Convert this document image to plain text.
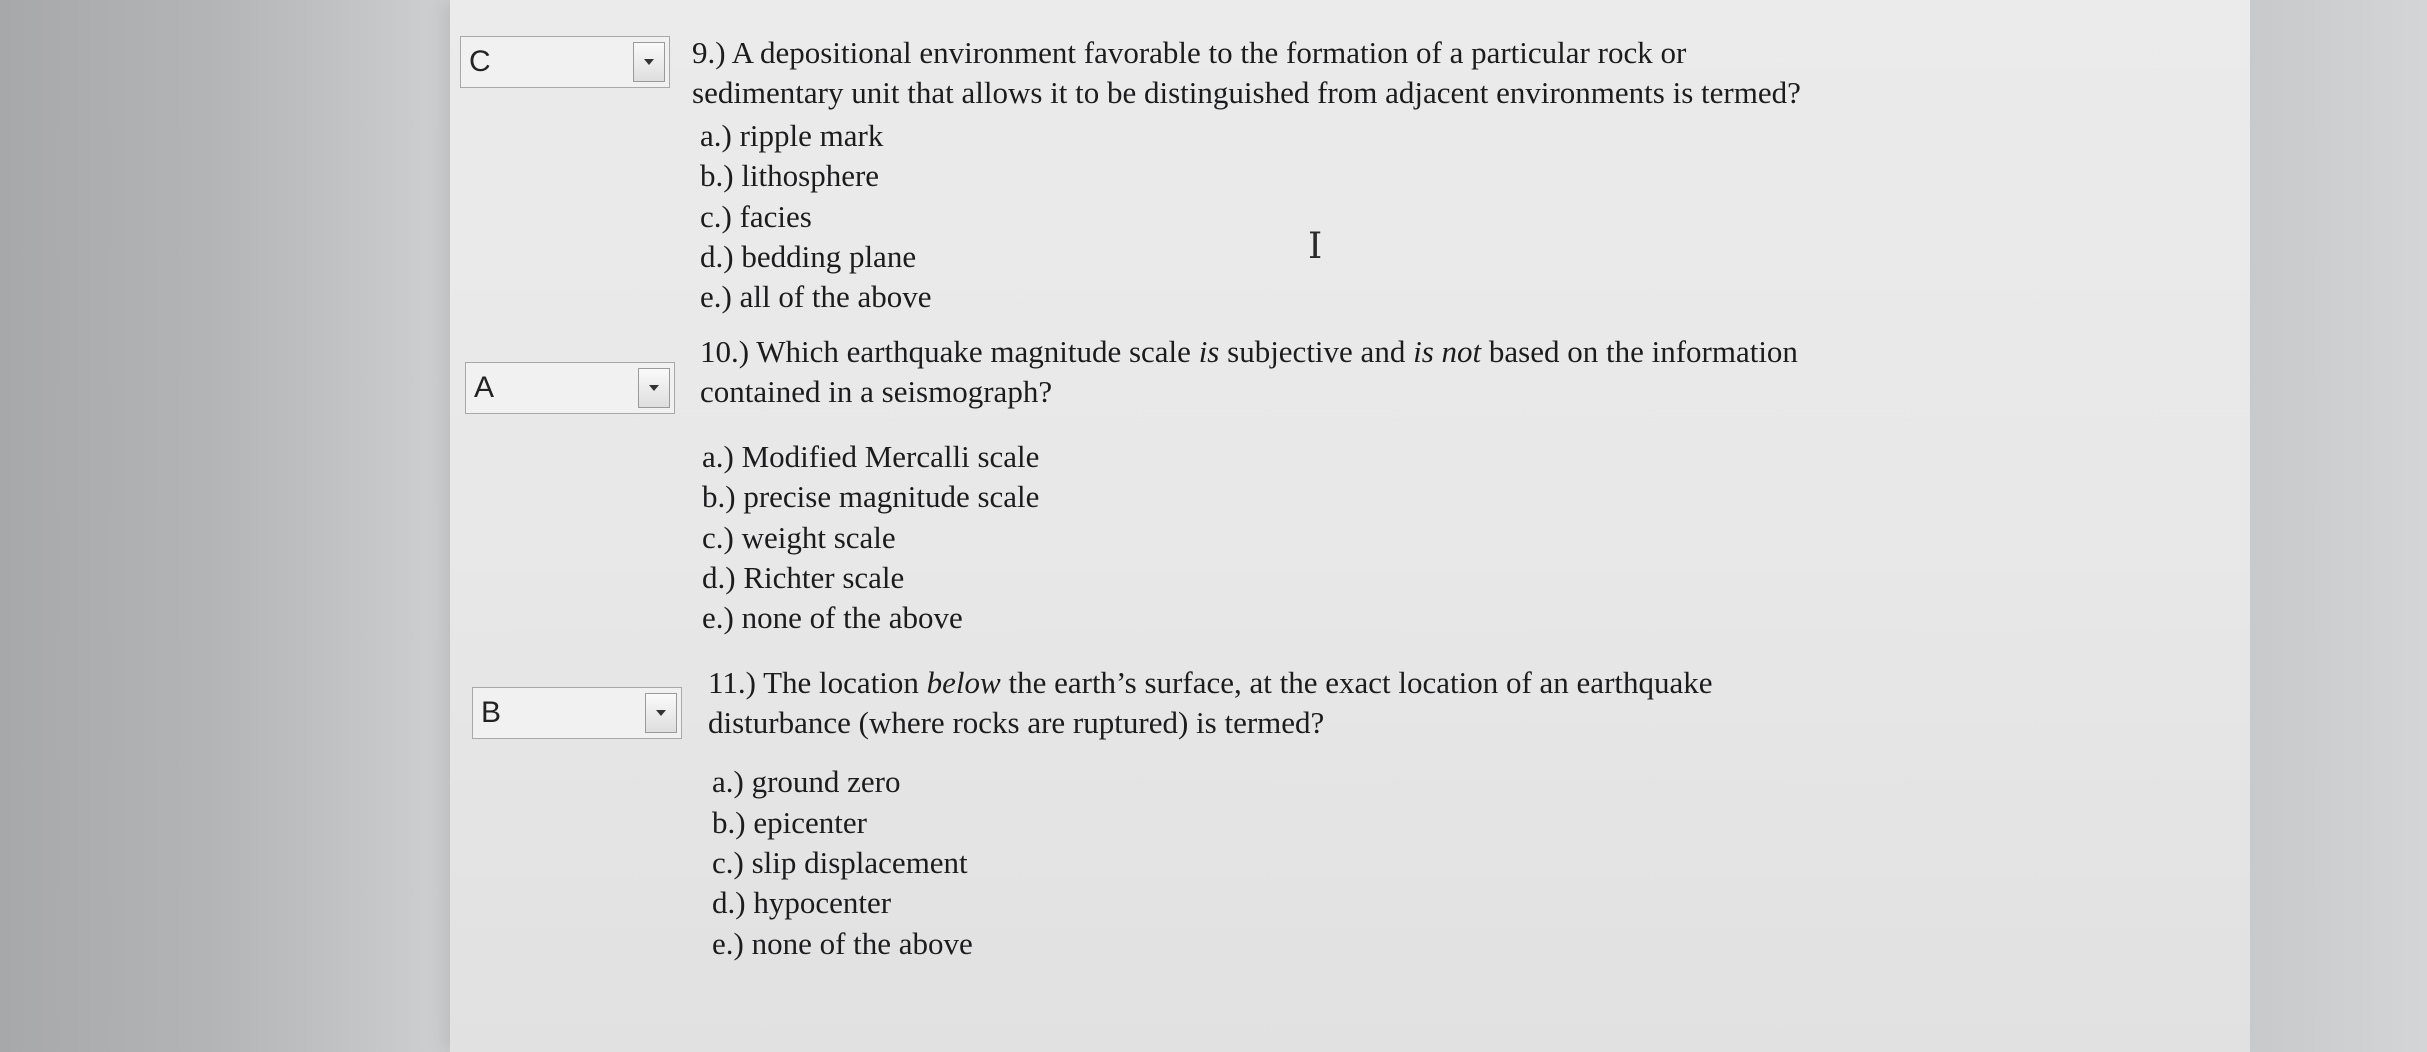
C	9.) A depositional environment favorable to the formation of a particular rock or
sedimentary unit that allows it to be distinguished from adjacent environments is termed?
a.) ripple mark
b.) lithosphere
c.) facies
d.) bedding plane
e.) all of the above
A
10.) Which earthquake magnitude scale is subjective and is not based on the information
contained in a seismograph?
a.) Modified Mercalli scale
b.) precise magnitude scale
c.) weight scale
d.) Richter scale
e.) none of the above
B
11.) The location below the earth’s surface, at the exact location of an earthquake
disturbance (where rocks are ruptured) is termed?
a.) ground zero
b.) epicenter
c.) slip displacement
d.) hypocenter
e.) none of the above
I
